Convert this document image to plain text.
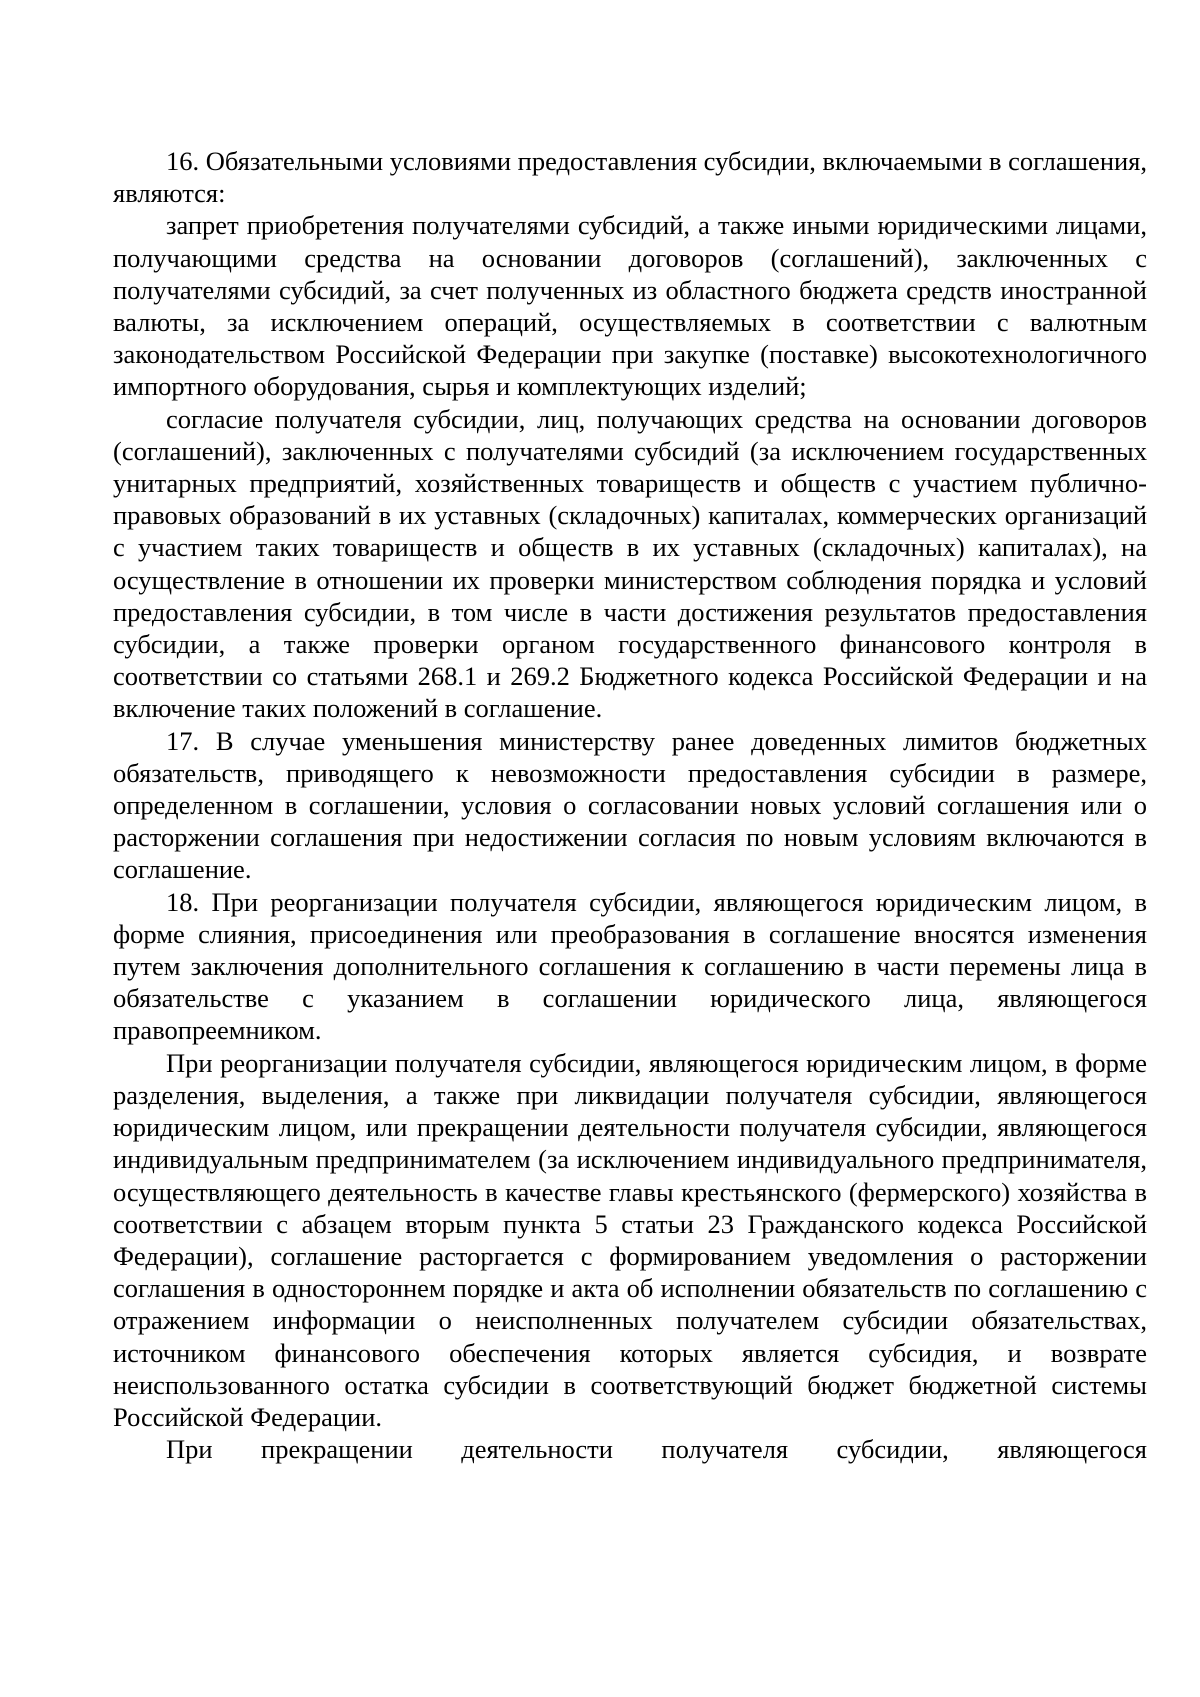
16. Обязательными условиями предоставления субсидии, включаемыми в соглашения, являются:

запрет приобретения получателями субсидий, а также иными юридическими лицами, получающими средства на основании договоров (соглашений), заключенных с получателями субсидий, за счет полученных из областного бюджета средств иностранной валюты, за исключением операций, осуществляемых в соответствии с валютным законодательством Российской Федерации при закупке (поставке) высокотехнологичного импортного оборудования, сырья и комплектующих изделий;

согласие получателя субсидии, лиц, получающих средства на основании договоров (соглашений), заключенных с получателями субсидий (за исключением государственных унитарных предприятий, хозяйственных товариществ и обществ с участием публично-правовых образований в их уставных (складочных) капиталах, коммерческих организаций с участием таких товариществ и обществ в их уставных (складочных) капиталах), на осуществление в отношении их проверки министерством соблюдения порядка и условий предоставления субсидии, в том числе в части достижения результатов предоставления субсидии, а также проверки органом государственного финансового контроля в соответствии со статьями 268.1 и 269.2 Бюджетного кодекса Российской Федерации и на включение таких положений в соглашение.

17. В случае уменьшения министерству ранее доведенных лимитов бюджетных обязательств, приводящего к невозможности предоставления субсидии в размере, определенном в соглашении, условия о согласовании новых условий соглашения или о расторжении соглашения при недостижении согласия по новым условиям включаются в соглашение.

18. При реорганизации получателя субсидии, являющегося юридическим лицом, в форме слияния, присоединения или преобразования в соглашение вносятся изменения путем заключения дополнительного соглашения к соглашению в части перемены лица в обязательстве с указанием в соглашении юридического лица, являющегося правопреемником.

При реорганизации получателя субсидии, являющегося юридическим лицом, в форме разделения, выделения, а также при ликвидации получателя субсидии, являющегося юридическим лицом, или прекращении деятельности получателя субсидии, являющегося индивидуальным предпринимателем (за исключением индивидуального предпринимателя, осуществляющего деятельность в качестве главы крестьянского (фермерского) хозяйства в соответствии с абзацем вторым пункта 5 статьи 23 Гражданского кодекса Российской Федерации), соглашение расторгается с формированием уведомления о расторжении соглашения в одностороннем порядке и акта об исполнении обязательств по соглашению с отражением информации о неисполненных получателем субсидии обязательствах, источником финансового обеспечения которых является субсидия, и возврате неиспользованного остатка субсидии в соответствующий бюджет бюджетной системы Российской Федерации.

При прекращении деятельности получателя субсидии, являющегося
